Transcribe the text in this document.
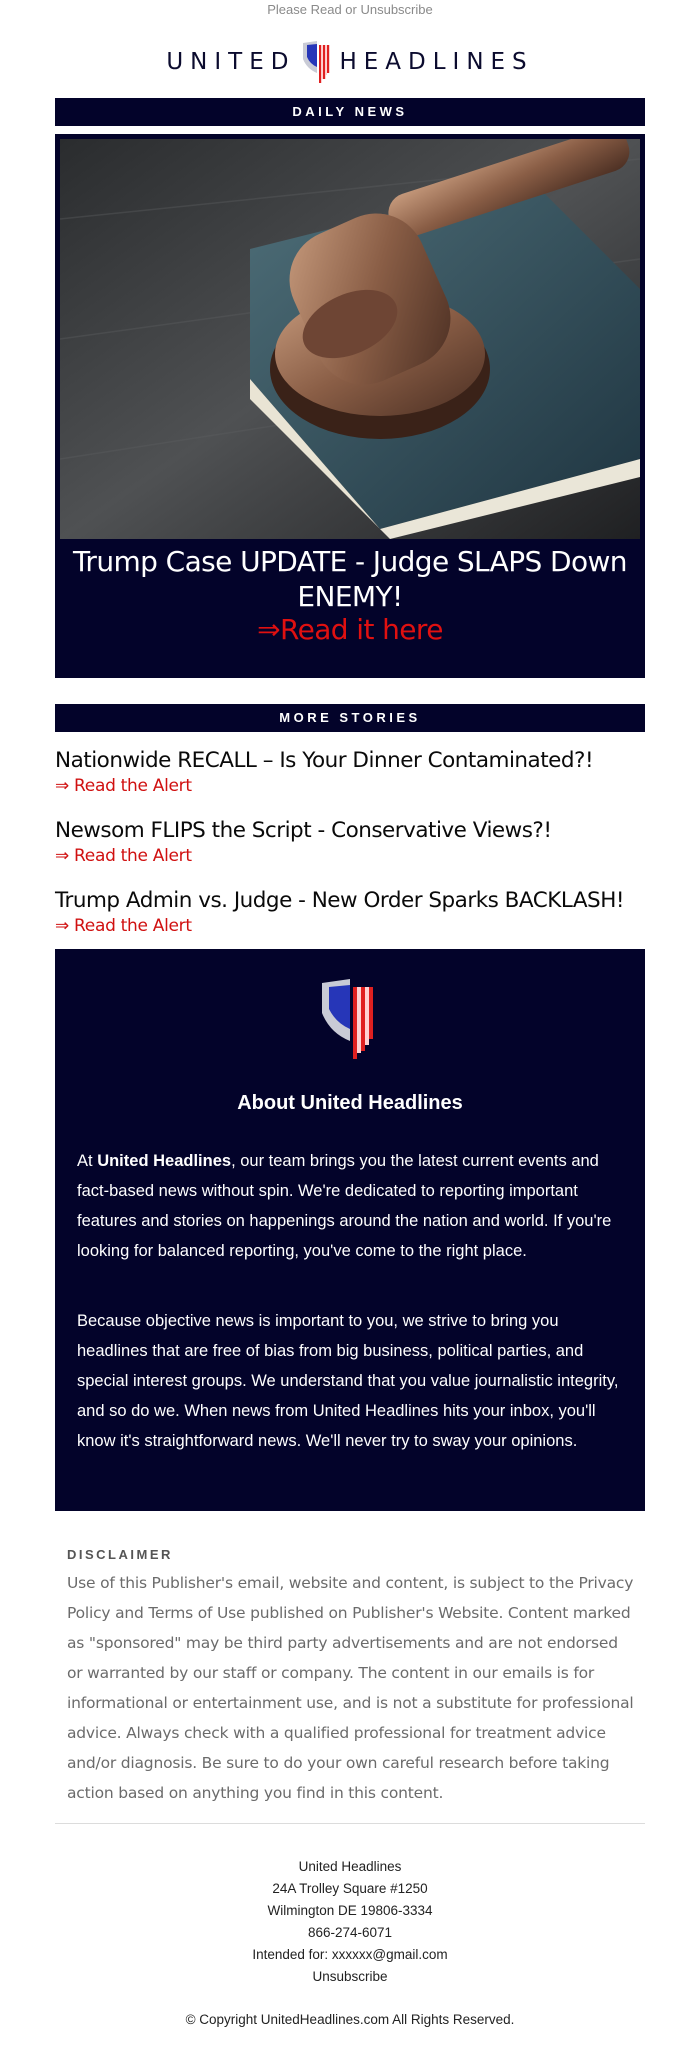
Please Read or Unsubscribe
UNITED HEADLINES
DAILY NEWS
Trump Case UPDATE - Judge SLAPS Down ENEMY!
⇒Read it here
MORE STORIES
Nationwide RECALL – Is Your Dinner Contaminated?!
⇒ Read the Alert
Newsom FLIPS the Script - Conservative Views?!
⇒ Read the Alert
Trump Admin vs. Judge - New Order Sparks BACKLASH!
⇒ Read the Alert
About United Headlines
At United Headlines, our team brings you the latest current events and fact-based news without spin. We're dedicated to reporting important features and stories on happenings around the nation and world. If you're looking for balanced reporting, you've come to the right place.
Because objective news is important to you, we strive to bring you headlines that are free of bias from big business, political parties, and special interest groups. We understand that you value journalistic integrity, and so do we. When news from United Headlines hits your inbox, you'll know it's straightforward news. We'll never try to sway your opinions.
DISCLAIMER
Use of this Publisher's email, website and content, is subject to the Privacy Policy and Terms of Use published on Publisher's Website. Content marked as "sponsored" may be third party advertisements and are not endorsed or warranted by our staff or company. The content in our emails is for informational or entertainment use, and is not a substitute for professional advice. Always check with a qualified professional for treatment advice and/or diagnosis. Be sure to do your own careful research before taking action based on anything you find in this content.
United Headlines
24A Trolley Square #1250
Wilmington DE 19806-3334
866-274-6071
Intended for: xxxxxx@gmail.com
Unsubscribe
© Copyright UnitedHeadlines.com All Rights Reserved.
